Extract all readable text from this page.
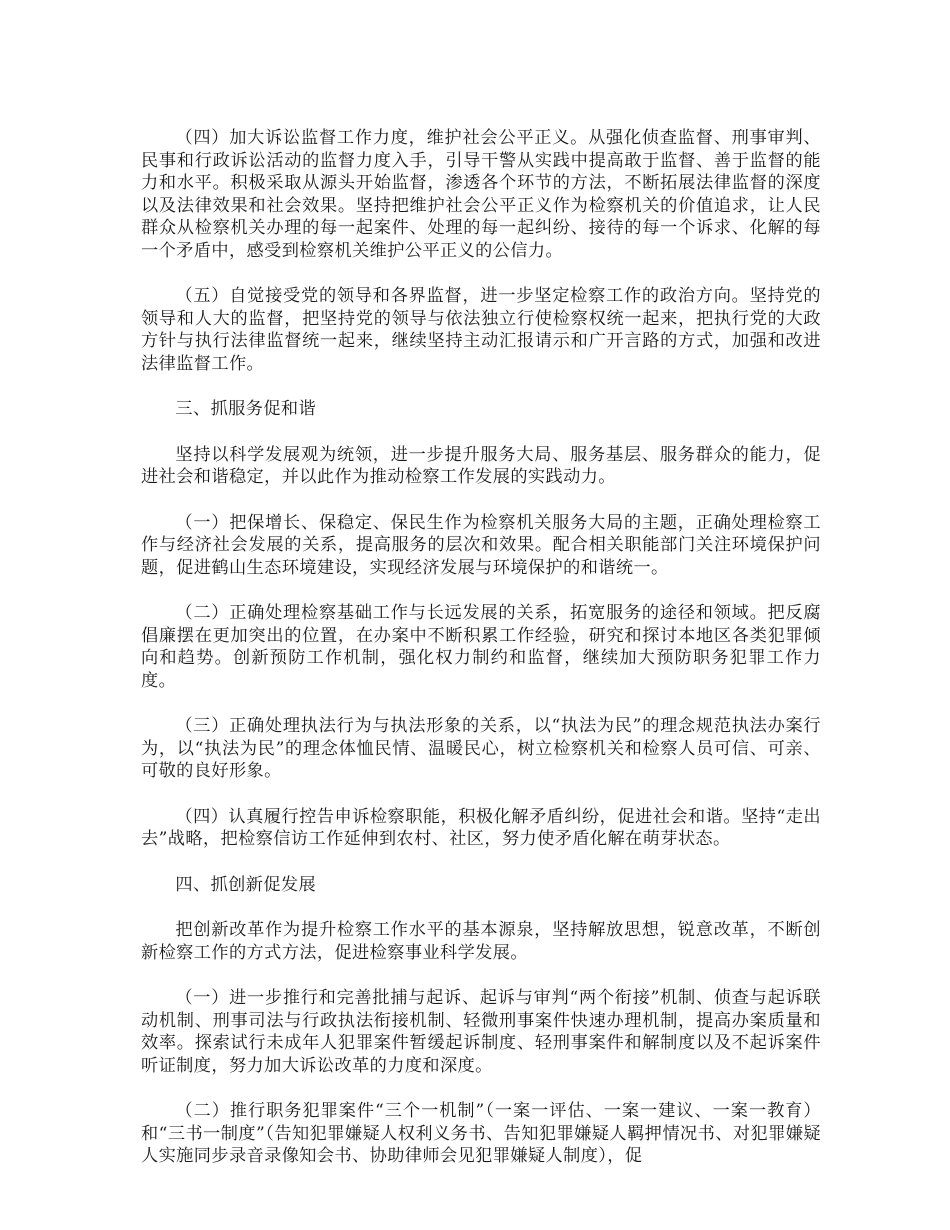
（四）加大诉讼监督工作力度，维护社会公平正义。从强化侦查监督、刑事审判、民事和行政诉讼活动的监督力度入手，引导干警从实践中提高敢于监督、善于监督的能力和水平。积极采取从源头开始监督，渗透各个环节的方法，不断拓展法律监督的深度以及法律效果和社会效果。坚持把维护社会公平正义作为检察机关的价值追求，让人民群众从检察机关办理的每一起案件、处理的每一起纠纷、接待的每一个诉求、化解的每一个矛盾中，感受到检察机关维护公平正义的公信力。

（五）自觉接受党的领导和各界监督，进一步坚定检察工作的政治方向。坚持党的领导和人大的监督，把坚持党的领导与依法独立行使检察权统一起来，把执行党的大政方针与执行法律监督统一起来，继续坚持主动汇报请示和广开言路的方式，加强和改进法律监督工作。

三、抓服务促和谐

坚持以科学发展观为统领，进一步提升服务大局、服务基层、服务群众的能力，促进社会和谐稳定，并以此作为推动检察工作发展的实践动力。

（一）把保增长、保稳定、保民生作为检察机关服务大局的主题，正确处理检察工作与经济社会发展的关系，提高服务的层次和效果。配合相关职能部门关注环境保护问题，促进鹤山生态环境建设，实现经济发展与环境保护的和谐统一。

（二）正确处理检察基础工作与长远发展的关系，拓宽服务的途径和领域。把反腐倡廉摆在更加突出的位置，在办案中不断积累工作经验，研究和探讨本地区各类犯罪倾向和趋势。创新预防工作机制，强化权力制约和监督，继续加大预防职务犯罪工作力度。

（三）正确处理执法行为与执法形象的关系，以“执法为民”的理念规范执法办案行为，以“执法为民”的理念体恤民情、温暖民心，树立检察机关和检察人员可信、可亲、可敬的良好形象。

（四）认真履行控告申诉检察职能，积极化解矛盾纠纷，促进社会和谐。坚持“走出去”战略，把检察信访工作延伸到农村、社区，努力使矛盾化解在萌芽状态。

四、抓创新促发展

把创新改革作为提升检察工作水平的基本源泉，坚持解放思想，锐意改革，不断创新检察工作的方式方法，促进检察事业科学发展。

（一）进一步推行和完善批捕与起诉、起诉与审判“两个衔接”机制、侦查与起诉联动机制、刑事司法与行政执法衔接机制、轻微刑事案件快速办理机制，提高办案质量和效率。探索试行未成年人犯罪案件暂缓起诉制度、轻刑事案件和解制度以及不起诉案件听证制度，努力加大诉讼改革的力度和深度。

（二）推行职务犯罪案件“三个一机制”（一案一评估、一案一建议、一案一教育）和“三书一制度”（告知犯罪嫌疑人权利义务书、告知犯罪嫌疑人羁押情况书、对犯罪嫌疑人实施同步录音录像知会书、协助律师会见犯罪嫌疑人制度），促
